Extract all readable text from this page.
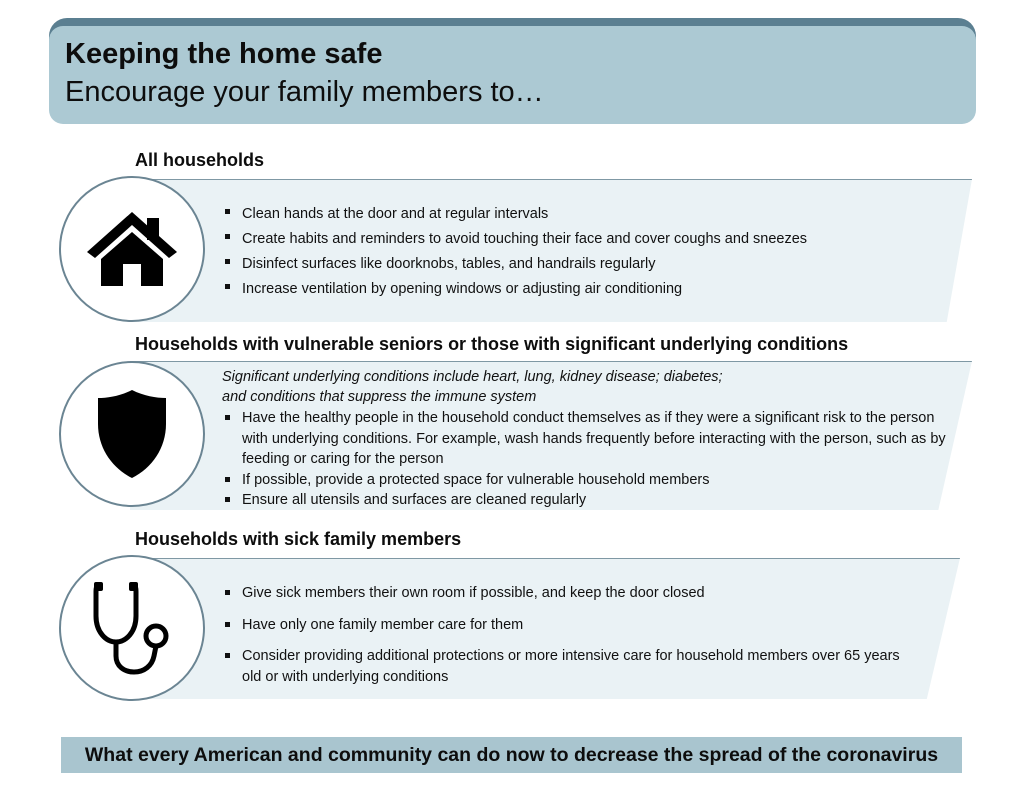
Keeping the home safe
Encourage your family members to…
All households
Clean hands at the door and at regular intervals
Create habits and reminders to avoid touching their face and cover coughs and sneezes
Disinfect surfaces like doorknobs, tables, and handrails regularly
Increase ventilation by opening windows or adjusting air conditioning
Households with vulnerable seniors or those with significant underlying conditions
Significant underlying conditions include heart, lung, kidney disease; diabetes;
and conditions that suppress the immune system
Have the healthy people in the household conduct themselves as if they were a significant risk to the person with underlying conditions. For example, wash hands frequently before interacting with the person, such as by feeding or caring for the person
If possible, provide a protected space for vulnerable household members
Ensure all utensils and surfaces are cleaned regularly
Households with sick family members
Give sick members their own room if possible, and keep the door closed
Have only one family member care for them
Consider providing additional protections or more intensive care for household members over 65 years old or with underlying conditions
What every American and community can do now to decrease the spread of the coronavirus
